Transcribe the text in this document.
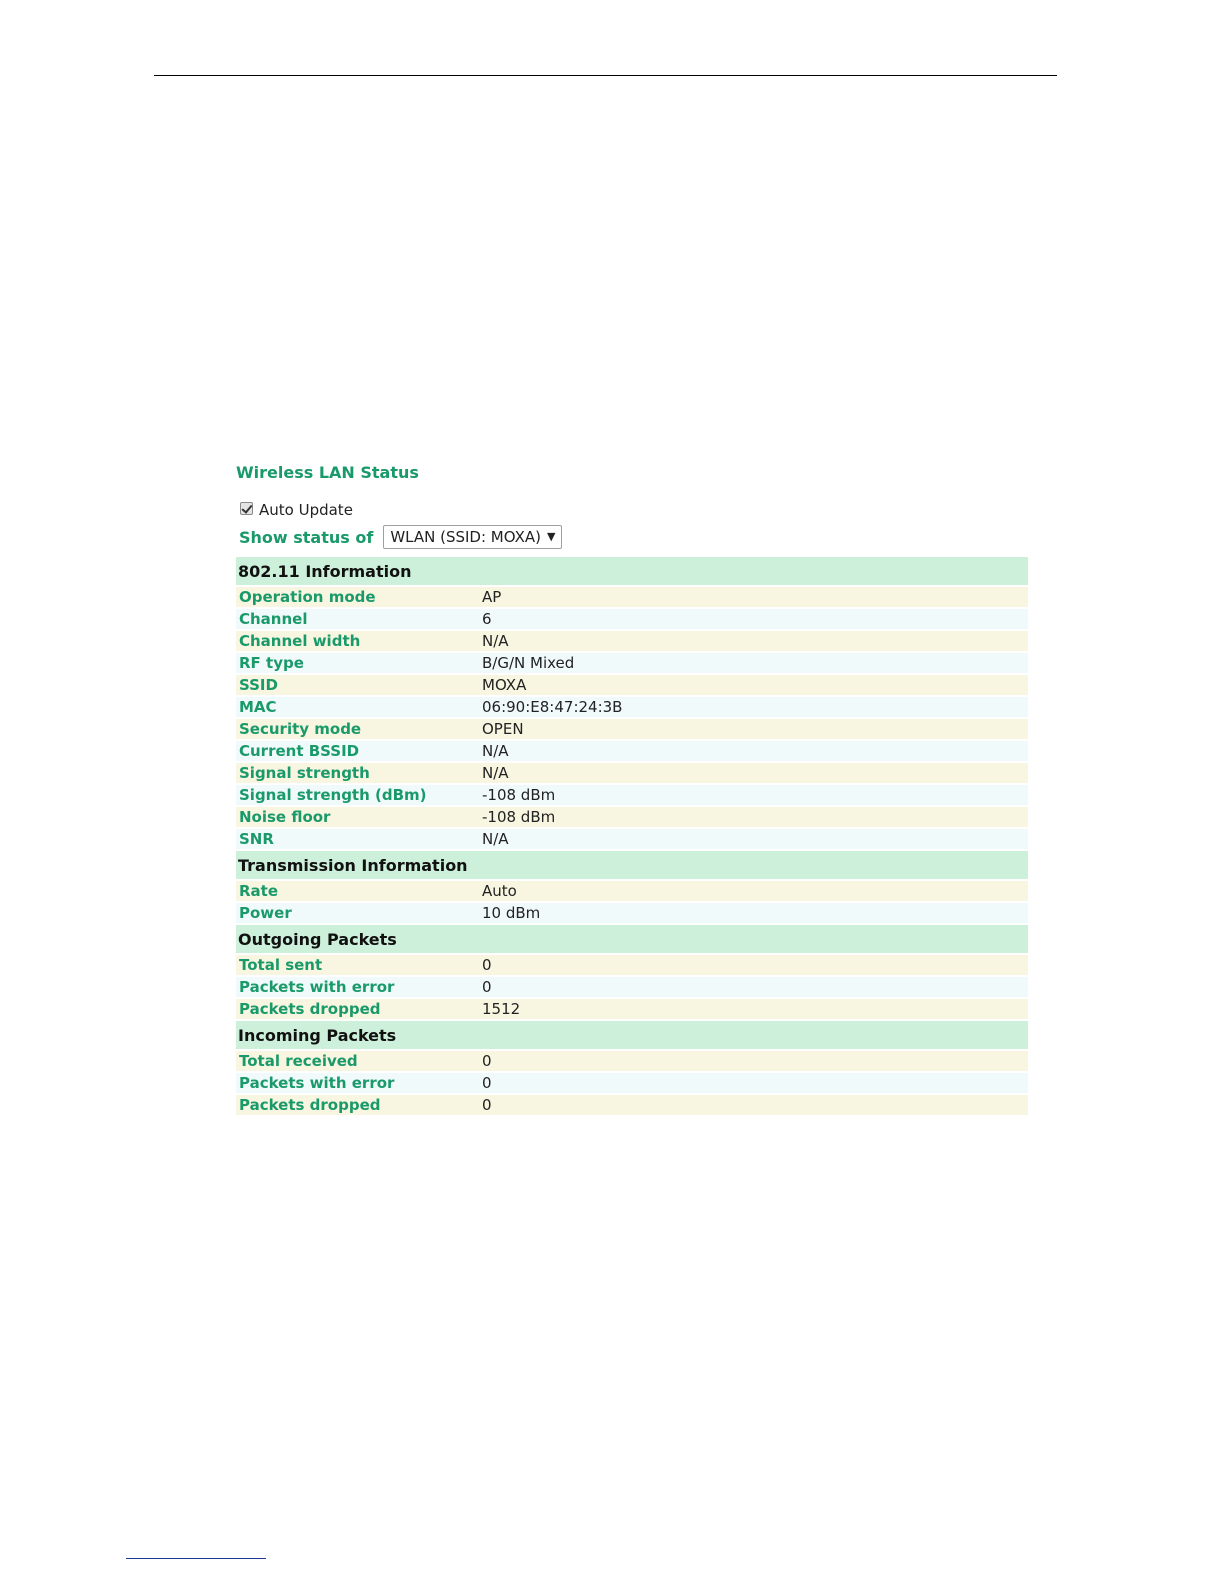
Wireless LAN Status
Auto Update
Show status of WLAN (SSID: MOXA) ▼
802.11 Information	
Operation mode	AP
Channel	6
Channel width	N/A
RF type	B/G/N Mixed
SSID	MOXA
MAC	06:90:E8:47:24:3B
Security mode	OPEN
Current BSSID	N/A
Signal strength	N/A
Signal strength (dBm)	-108 dBm
Noise floor	-108 dBm
SNR	N/A
Transmission Information	
Rate	Auto
Power	10 dBm
Outgoing Packets	
Total sent	0
Packets with error	0
Packets dropped	1512
Incoming Packets	
Total received	0
Packets with error	0
Packets dropped	0
